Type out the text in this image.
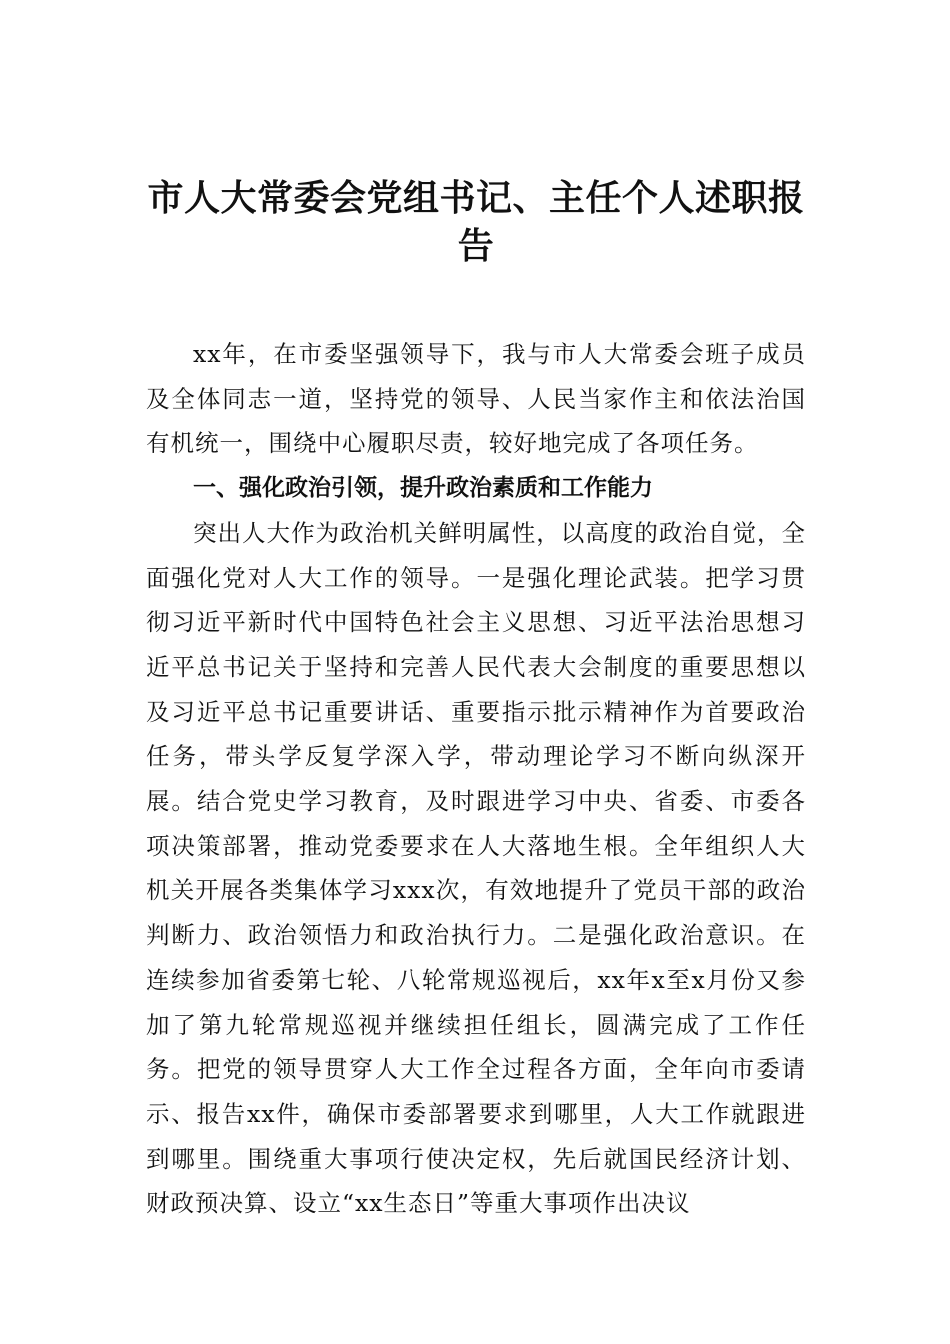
市人大常委会党组书记、主任个人述职报
告

xx年，在市委坚强领导下，我与市人大常委会班子成员及全体同志一道，坚持党的领导、人民当家作主和依法治国有机统一，围绕中心履职尽责，较好地完成了各项任务。

一、强化政治引领，提升政治素质和工作能力

突出人大作为政治机关鲜明属性，以高度的政治自觉，全面强化党对人大工作的领导。一是强化理论武装。把学习贯彻习近平新时代中国特色社会主义思想、习近平法治思想习近平总书记关于坚持和完善人民代表大会制度的重要思想以及习近平总书记重要讲话、重要指示批示精神作为首要政治任务，带头学反复学深入学，带动理论学习不断向纵深开展。结合党史学习教育，及时跟进学习中央、省委、市委各项决策部署，推动党委要求在人大落地生根。全年组织人大机关开展各类集体学习xxx次，有效地提升了党员干部的政治判断力、政治领悟力和政治执行力。二是强化政治意识。在连续参加省委第七轮、八轮常规巡视后，xx年x至x月份又参加了第九轮常规巡视并继续担任组长，圆满完成了工作任务。把党的领导贯穿人大工作全过程各方面，全年向市委请示、报告xx件，确保市委部署要求到哪里，人大工作就跟进到哪里。围绕重大事项行使决定权，先后就国民经济计划、财政预决算、设立“xx生态日”等重大事项作出决议
